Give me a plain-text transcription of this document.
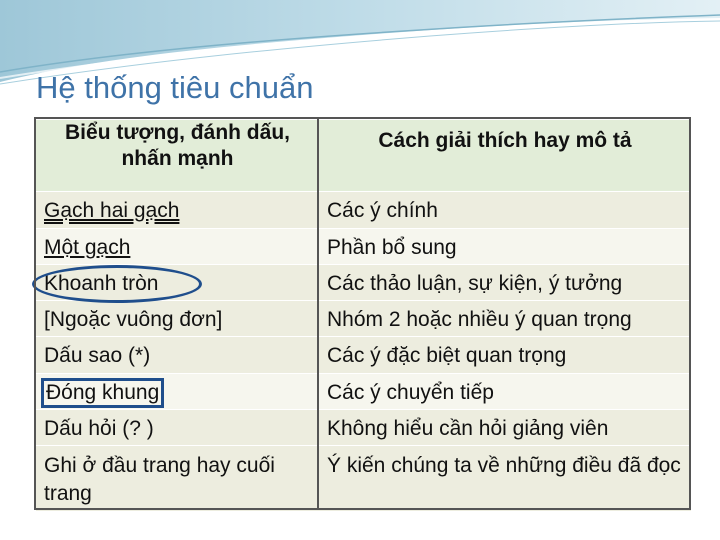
Hệ thống tiêu chuẩn
Biểu tượng, đánh dấu, nhấn mạnh	Cách giải thích hay mô tả
Gạch hai gạch	Các ý chính
Một gạch	Phần bổ sung

Khoanh tròn	Các thảo luận, sự kiện, ý tưởng
[Ngoặc vuông đơn]	Nhóm 2 hoặc nhiều ý quan trọng
Dấu sao (*)	Các ý đặc biệt quan trọng
Đóng khung	Các ý chuyển tiếp
Dấu hỏi (? )	Không hiểu cần hỏi giảng viên
Ghi ở đầu trang hay cuối trang	Ý kiến chúng ta về những điều đã đọc
